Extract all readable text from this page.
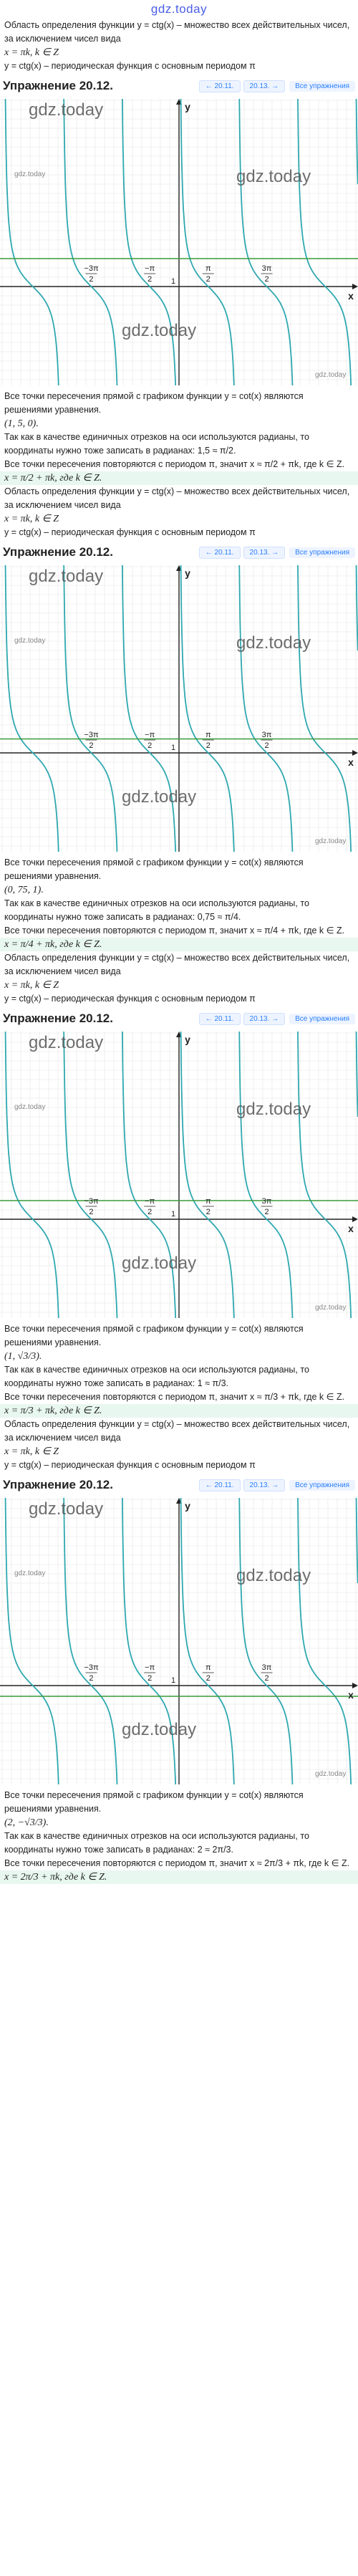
gdz.today

Область определения функции y = ctg(x) – множество всех действительных чисел, за исключением чисел вида

x = πk, k ∈ Z

y = ctg(x) – периодическая функция с основным периодом π

Упражнение 20.12.	← 20.11.	20.13. →	Все упражнения
y
x
1
−3π
2
−π
2
π
2
3π
2
gdz.today
gdz.today
gdz.today
gdz.today
gdz.today

Все точки пересечения прямой с графиком функции y = cot(x) являются решениями уравнения.

(1, 5, 0).

Так как в качестве единичных отрезков на оси используются радианы, то координаты нужно тоже записать в радианах: 1,5 ≈ π/2.

Все точки пересечения повторяются с периодом π, значит x ≈ π/2 + πk, где k ∈ Z.

x = π/2 + πk, где k ∈ Z.

Область определения функции y = ctg(x) – множество всех действительных чисел, за исключением чисел вида

x = πk, k ∈ Z

y = ctg(x) – периодическая функция с основным периодом π

Упражнение 20.12.	← 20.11.	20.13. →	Все упражнения
y
x
1
−3π
2
−π
2
π
2
3π
2
gdz.today
gdz.today
gdz.today
gdz.today
gdz.today

Все точки пересечения прямой с графиком функции y = cot(x) являются решениями уравнения.

(0, 75, 1).

Так как в качестве единичных отрезков на оси используются радианы, то координаты нужно тоже записать в радианах: 0,75 ≈ π/4.

Все точки пересечения повторяются с периодом π, значит x ≈ π/4 + πk, где k ∈ Z.

x = π/4 + πk, где k ∈ Z.

Область определения функции y = ctg(x) – множество всех действительных чисел, за исключением чисел вида

x = πk, k ∈ Z

y = ctg(x) – периодическая функция с основным периодом π

Упражнение 20.12.	← 20.11.	20.13. →	Все упражнения
y
x
1
−3π
2
−π
2
π
2
3π
2
gdz.today
gdz.today
gdz.today
gdz.today
gdz.today

Все точки пересечения прямой с графиком функции y = cot(x) являются решениями уравнения.

(1, √3/3).

Так как в качестве единичных отрезков на оси используются радианы, то координаты нужно тоже записать в радианах: 1 ≈ π/3.

Все точки пересечения повторяются с периодом π, значит x ≈ π/3 + πk, где k ∈ Z.

x = π/3 + πk, где k ∈ Z.

Область определения функции y = ctg(x) – множество всех действительных чисел, за исключением чисел вида

x = πk, k ∈ Z

y = ctg(x) – периодическая функция с основным периодом π

Упражнение 20.12.	← 20.11.	20.13. →	Все упражнения
y
x
1
−3π
2
−π
2
π
2
3π
2
gdz.today
gdz.today
gdz.today
gdz.today
gdz.today

Все точки пересечения прямой с графиком функции y = cot(x) являются решениями уравнения.

(2, −√3/3).

Так как в качестве единичных отрезков на оси используются радианы, то координаты нужно тоже записать в радианах: 2 ≈ 2π/3.

Все точки пересечения повторяются с периодом π, значит x ≈ 2π/3 + πk, где k ∈ Z.

x = 2π/3 + πk, где k ∈ Z.
